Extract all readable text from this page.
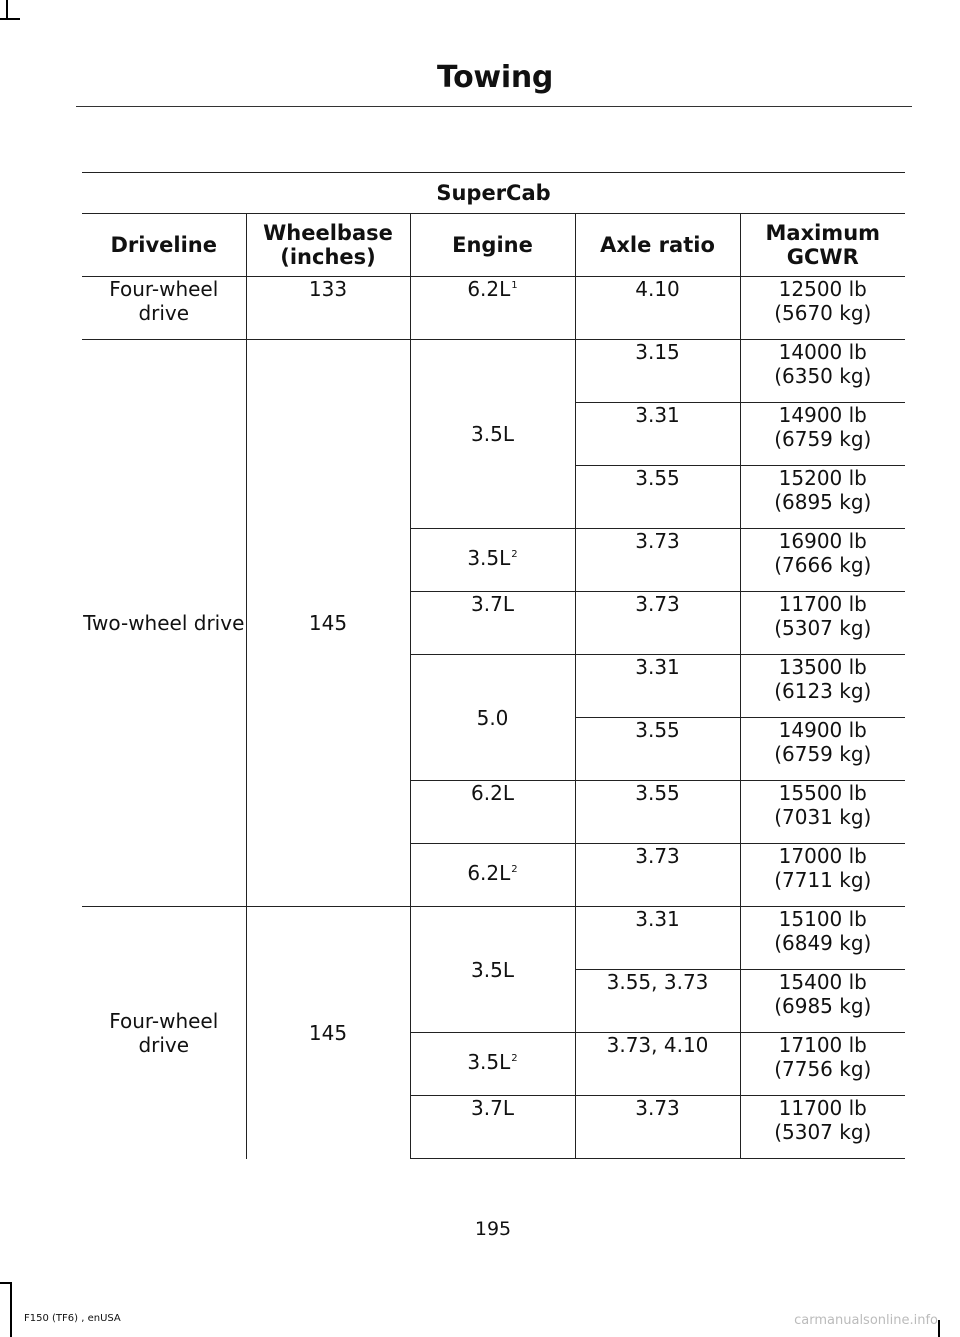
Towing
SuperCab				
Driveline	Wheelbase (inches)	Engine	Axle ratio	Maximum GCWR
Four-wheel drive	133	$6.2L^1$	4.10	12500 lb
(5670 kg)

Two-wheel drive	145	3.5L	3.15	14000 lb
(6350 kg)

			3.31	14900 lb
(6759 kg)

			3.55	15200 lb
(6895 kg)

		$3.5L^2$	3.73	16900 lb
(7666 kg)

		3.7L	3.73	11700 lb
(5307 kg)

		5.0	3.31	13500 lb
(6123 kg)

			3.55	14900 lb
(6759 kg)

		6.2L	3.55	15500 lb
(7031 kg)

		$6.2L^2$	3.73	17000 lb
(7711 kg)

Four-wheel drive	145	3.5L	3.31	15100 lb
(6849 kg)

			3.55, 3.73	15400 lb
(6985 kg)

		$3.5L^2$	3.73, 4.10	17100 lb
(7756 kg)

		3.7L	3.73	11700 lb
(5307 kg)
195
F150 (TF6) , enUSA	carmanualsonline.info
